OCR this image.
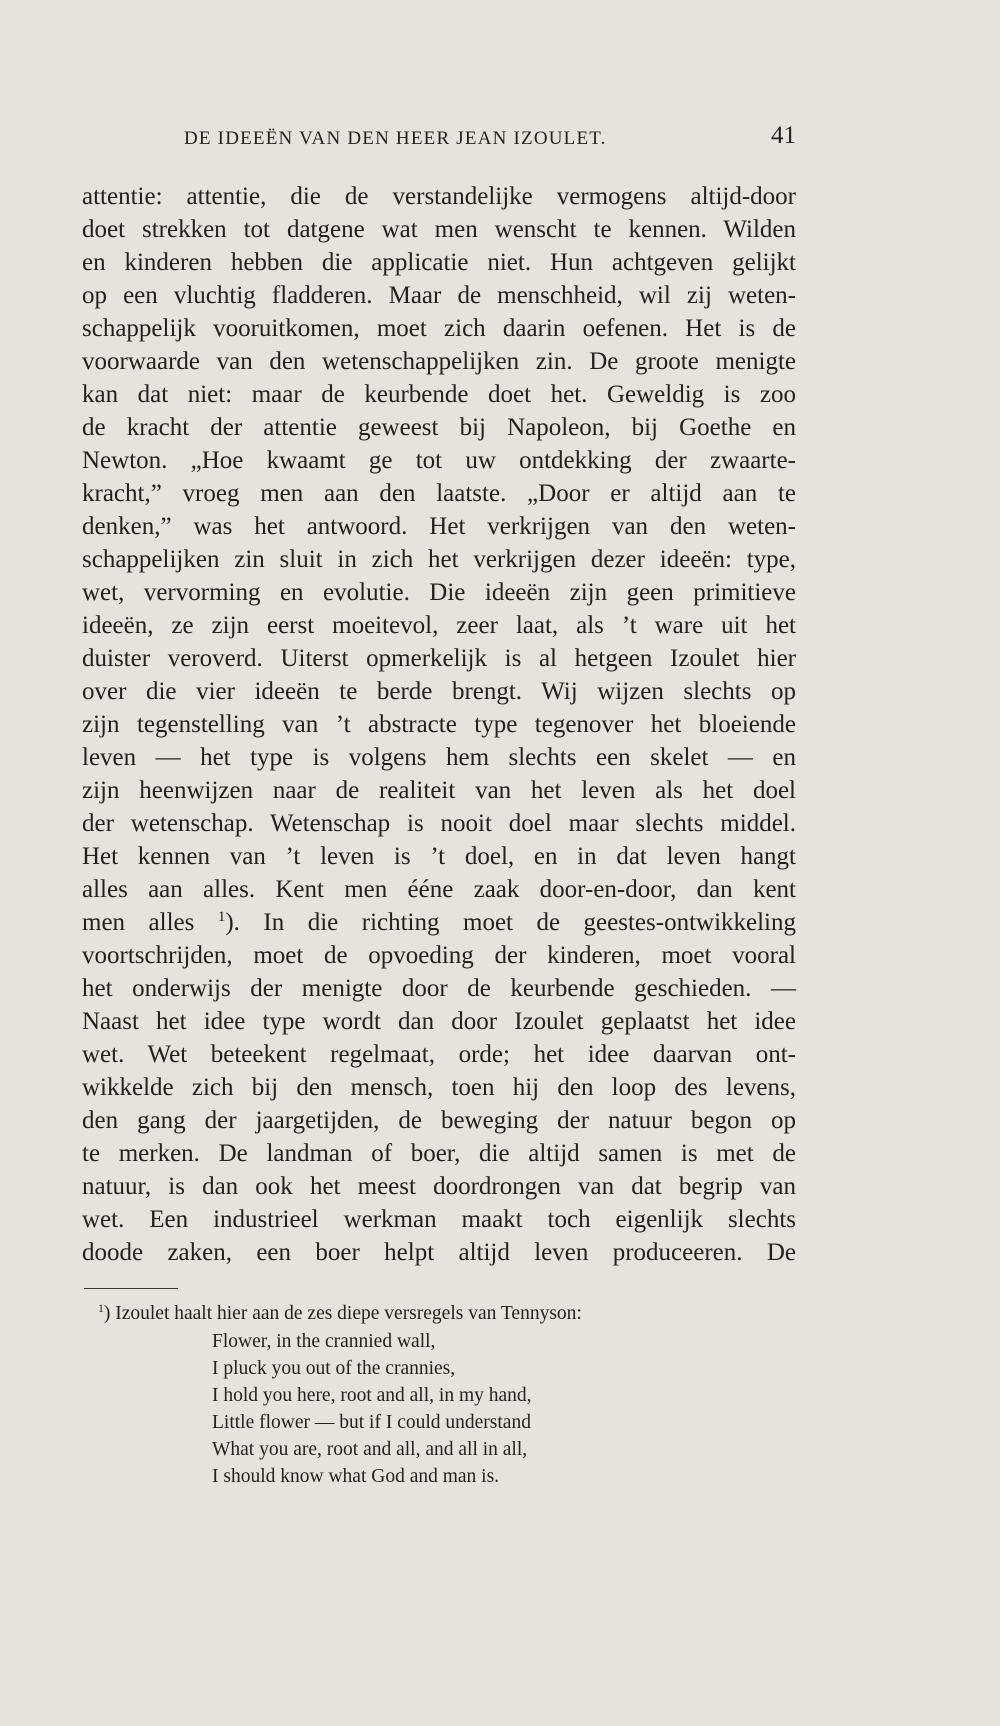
DE IDEEËN VAN DEN HEER JEAN IZOULET.	41
attentie: attentie, die de verstandelijke vermogens altijd-door
doet strekken tot datgene wat men wenscht te kennen. Wilden
en kinderen hebben die applicatie niet. Hun achtgeven gelijkt
op een vluchtig fladderen. Maar de menschheid, wil zij weten-
schappelijk vooruitkomen, moet zich daarin oefenen. Het is de
voorwaarde van den wetenschappelijken zin. De groote menigte
kan dat niet: maar de keurbende doet het. Geweldig is zoo
de kracht der attentie geweest bij Napoleon, bij Goethe en
Newton. „Hoe kwaamt ge tot uw ontdekking der zwaarte-
kracht,” vroeg men aan den laatste. „Door er altijd aan te
denken,” was het antwoord. Het verkrijgen van den weten-
schappelijken zin sluit in zich het verkrijgen dezer ideeën: type,
wet, vervorming en evolutie. Die ideeën zijn geen primitieve
ideeën, ze zijn eerst moeitevol, zeer laat, als ’t ware uit het
duister veroverd. Uiterst opmerkelijk is al hetgeen Izoulet hier
over die vier ideeën te berde brengt. Wij wijzen slechts op
zijn tegenstelling van ’t abstracte type tegenover het bloeiende
leven — het type is volgens hem slechts een skelet — en
zijn heenwijzen naar de realiteit van het leven als het doel
der wetenschap. Wetenschap is nooit doel maar slechts middel.
Het kennen van ’t leven is ’t doel, en in dat leven hangt
alles aan alles. Kent men ééne zaak door-en-door, dan kent
men alles $^1$). In die richting moet de geestes-ontwikkeling
voortschrijden, moet de opvoeding der kinderen, moet vooral
het onderwijs der menigte door de keurbende geschieden. —
Naast het idee type wordt dan door Izoulet geplaatst het idee
wet. Wet beteekent regelmaat, orde; het idee daarvan ont-
wikkelde zich bij den mensch, toen hij den loop des levens,
den gang der jaargetijden, de beweging der natuur begon op
te merken. De landman of boer, die altijd samen is met de
natuur, is dan ook het meest doordrongen van dat begrip van
wet. Een industrieel werkman maakt toch eigenlijk slechts
doode zaken, een boer helpt altijd leven produceeren. De
$^1$) Izoulet haalt hier aan de zes diepe versregels van Tennyson:
Flower, in the crannied wall,
I pluck you out of the crannies,
I hold you here, root and all, in my hand,
Little flower — but if I could understand
What you are, root and all, and all in all,
I should know what God and man is.
